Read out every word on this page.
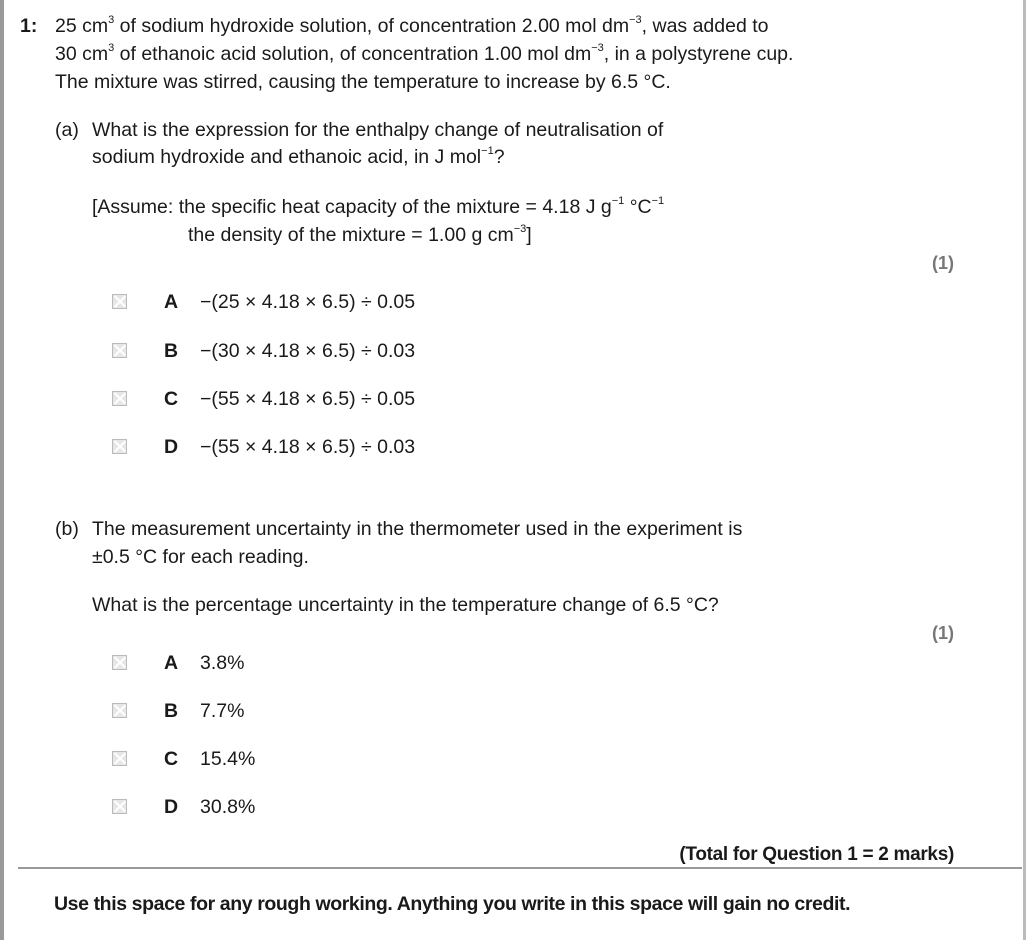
1: 25 $cm^3$ of sodium hydroxide solution, of concentration 2.00 mol $dm^{-3}$, was added to
30 $cm^3$ of ethanoic acid solution, of concentration 1.00 mol $dm^{-3}$, in a polystyrene cup.
The mixture was stirred, causing the temperature to increase by 6.5 °C.
(a) What is the expression for the enthalpy change of neutralisation of
sodium hydroxide and ethanoic acid, in J mol$^{-1}$?
[Assume: the specific heat capacity of the mixture = 4.18 J $g^{-1}$ $^\circ C^{-1}$
the density of the mixture = 1.00 g $cm^{-3}$]
(1)
A −(25 × 4.18 × 6.5) ÷ 0.05
B −(30 × 4.18 × 6.5) ÷ 0.03
C −(55 × 4.18 × 6.5) ÷ 0.05
D −(55 × 4.18 × 6.5) ÷ 0.03
(b) The measurement uncertainty in the thermometer used in the experiment is
±0.5 °C for each reading.
What is the percentage uncertainty in the temperature change of 6.5 °C?
(1)
A 3.8%
B 7.7%
C 15.4%
D 30.8%
(Total for Question 1 = 2 marks)
Use this space for any rough working. Anything you write in this space will gain no credit.
